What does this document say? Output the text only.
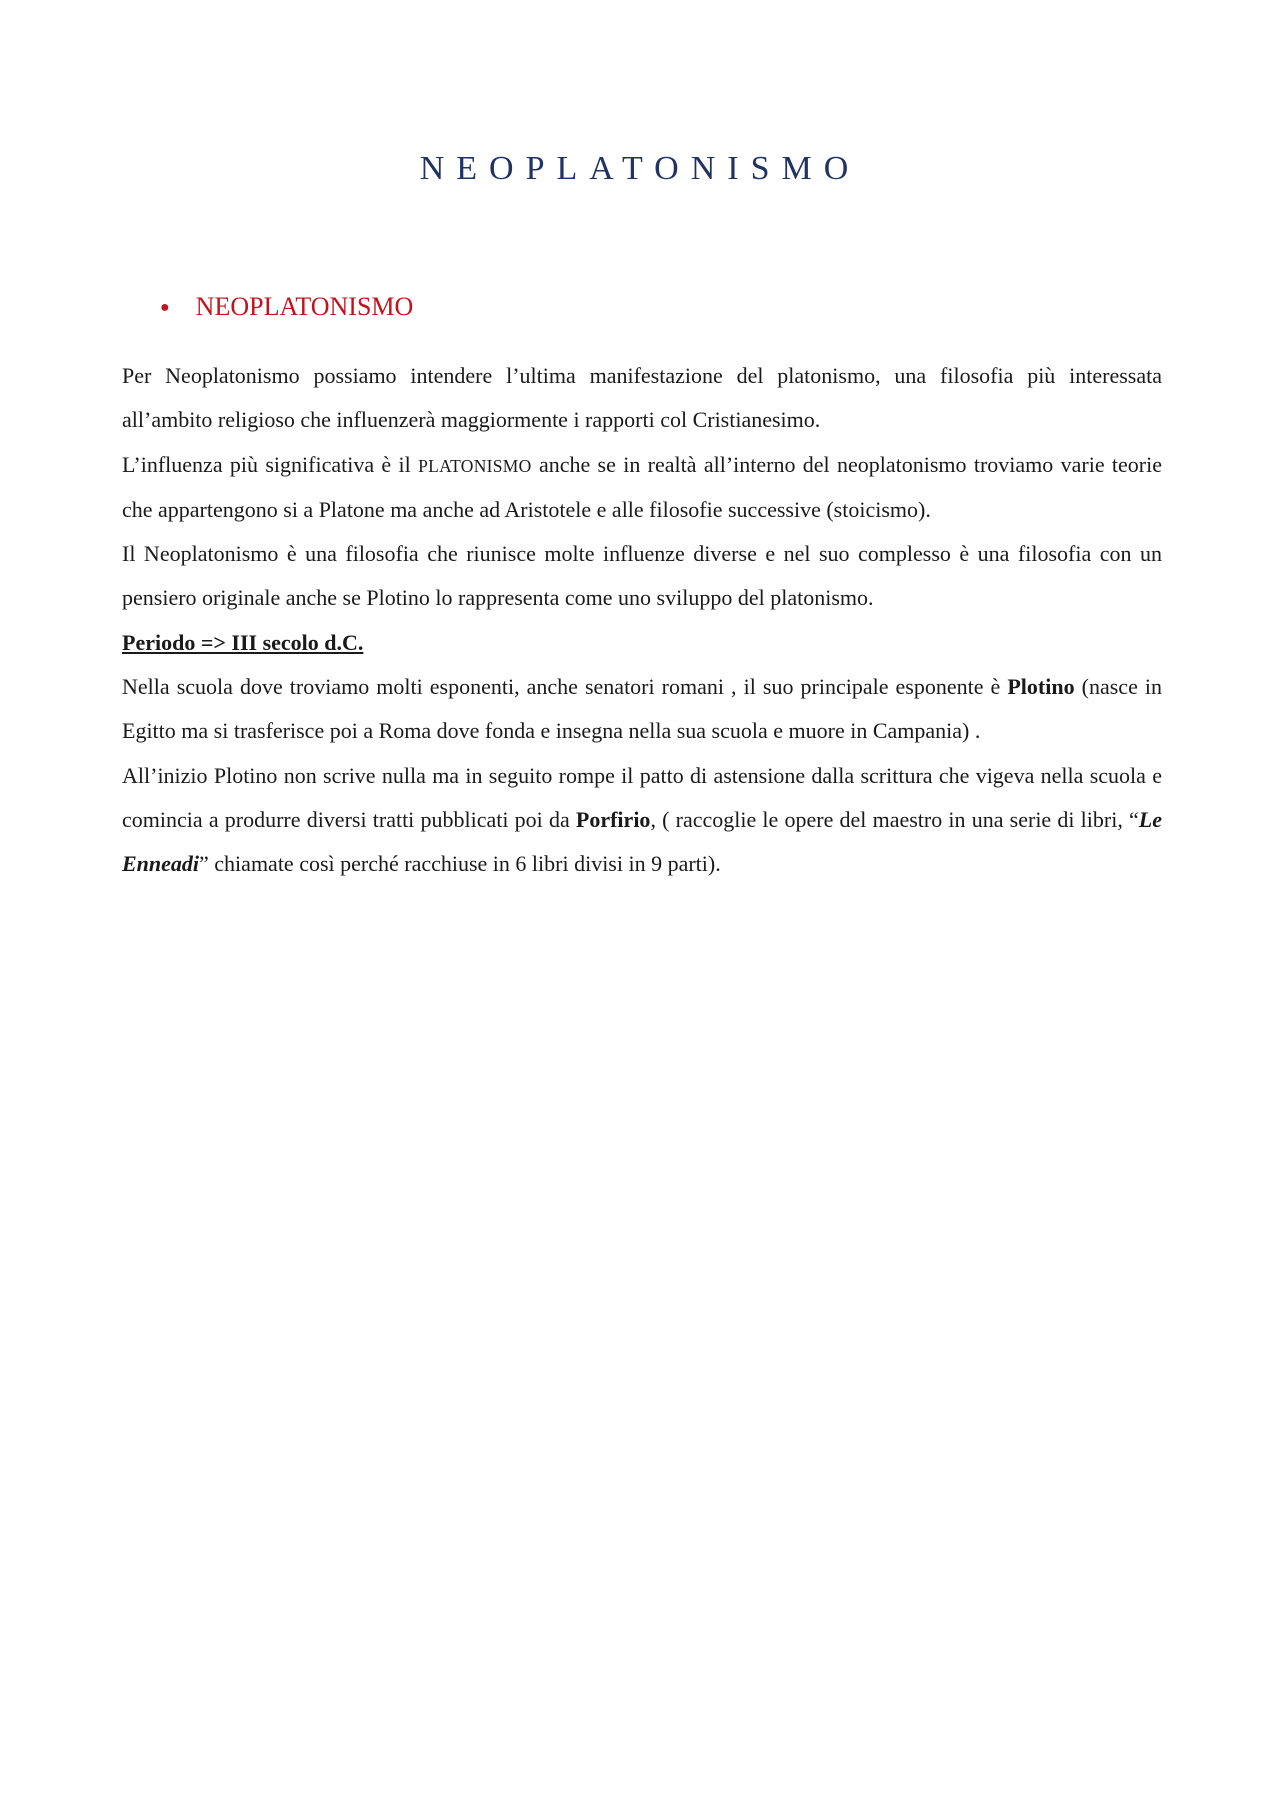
NEOPLATONISMO
● NEOPLATONISMO

Per Neoplatonismo possiamo intendere l’ultima manifestazione del platonismo, una filosofia più interessata all’ambito religioso che influenzerà maggiormente i rapporti col Cristianesimo.

L’influenza più significativa è il PLATONISMO anche se in realtà all’interno del neoplatonismo troviamo varie teorie che appartengono si a Platone ma anche ad Aristotele e alle filosofie successive (stoicismo).

Il Neoplatonismo è una filosofia che riunisce molte influenze diverse e nel suo complesso è una filosofia con un pensiero originale anche se Plotino lo rappresenta come uno sviluppo del platonismo.

Periodo => III secolo d.C.

Nella scuola dove troviamo molti esponenti, anche senatori romani , il suo principale esponente è Plotino (nasce in Egitto ma si trasferisce poi a Roma dove fonda e insegna nella sua scuola e muore in Campania) .

All’inizio Plotino non scrive nulla ma in seguito rompe il patto di astensione dalla scrittura che vigeva nella scuola e comincia a produrre diversi tratti pubblicati poi da Porfirio, ( raccoglie le opere del maestro in una serie di libri, “Le Enneadi” chiamate così perché racchiuse in 6 libri divisi in 9 parti).
